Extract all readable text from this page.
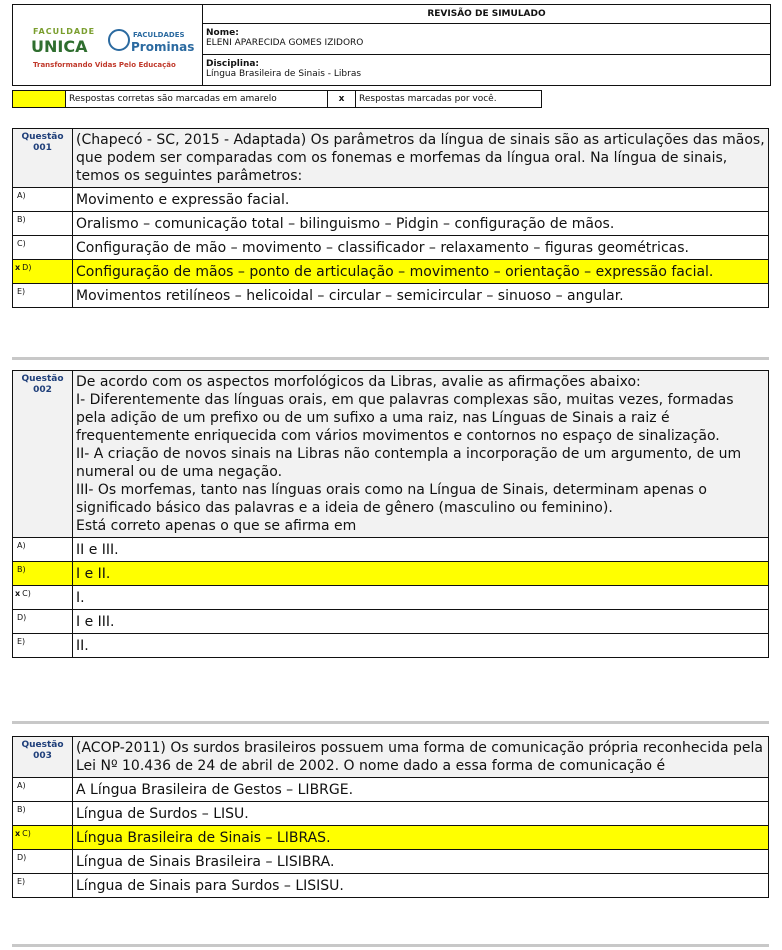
FACULDADE
UNICA
FACULDADES
Prominas
Transformando Vidas Pelo Educação
REVISÃO DE SIMULADO
Nome:
ELENI APARECIDA GOMES IZIDORO
Disciplina:
Língua Brasileira de Sinais - Libras
Respostas corretas são marcadas em amarelo	x	Respostas marcadas por você.
Questão
001	(Chapecó - SC, 2015 - Adaptada) Os parâmetros da língua de sinais são as articulações das mãos, que podem ser comparadas com os fonemas e morfemas da língua oral. Na língua de sinais, temos os seguintes parâmetros:
A)	Movimento e expressão facial.
B)	Oralismo – comunicação total – bilinguismo – Pidgin – configuração de mãos.
C)	Configuração de mão – movimento – classificador – relaxamento – figuras geométricas.
x D)	Configuração de mãos – ponto de articulação – movimento – orientação – expressão facial.
E)	Movimentos retilíneos – helicoidal – circular – semicircular – sinuoso – angular.
Questão
002	De acordo com os aspectos morfológicos da Libras, avalie as afirmações abaixo:
I- Diferentemente das línguas orais, em que palavras complexas são, muitas vezes, formadas pela adição de um prefixo ou de um sufixo a uma raiz, nas Línguas de Sinais a raiz é frequentemente enriquecida com vários movimentos e contornos no espaço de sinalização.
II- A criação de novos sinais na Libras não contempla a incorporação de um argumento, de um numeral ou de uma negação.
III- Os morfemas, tanto nas línguas orais como na Língua de Sinais, determinam apenas o significado básico das palavras e a ideia de gênero (masculino ou feminino).
Está correto apenas o que se afirma em
A)	II e III.
B)	I e II.
x C)	I.
D)	I e III.
E)	II.
Questão
003	(ACOP-2011) Os surdos brasileiros possuem uma forma de comunicação própria reconhecida pela Lei Nº 10.436 de 24 de abril de 2002. O nome dado a essa forma de comunicação é
A)	A Língua Brasileira de Gestos – LIBRGE.
B)	Língua de Surdos – LISU.
x C)	Língua Brasileira de Sinais – LIBRAS.
D)	Língua de Sinais Brasileira – LISIBRA.
E)	Língua de Sinais para Surdos – LISISU.
